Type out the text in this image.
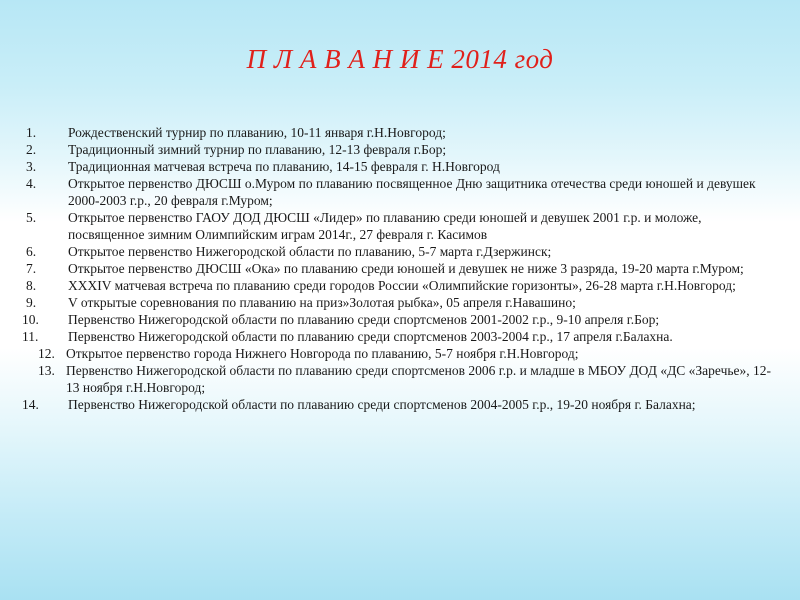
П Л А В А Н И Е 2014 год
1.	Рождественский турнир по плаванию, 10-11 января г.Н.Новгород;
2.	Традиционный зимний турнир по плаванию, 12-13 февраля г.Бор;
3.	Традиционная матчевая встреча по плаванию, 14-15 февраля г. Н.Новгород
4.	Открытое первенство ДЮСШ о.Муром по плаванию посвященное Дню защитника отечества среди юношей и девушек 2000-2003 г.р., 20 февраля г.Муром;
5.	Открытое первенство ГАОУ ДОД ДЮСШ «Лидер» по плаванию среди юношей и девушек 2001 г.р. и моложе, посвященное зимним Олимпийским играм 2014г., 27 февраля г. Касимов
6.	Открытое первенство Нижегородской области по плаванию, 5-7 марта г.Дзержинск;
7.	Открытое первенство ДЮСШ «Ока» по плаванию среди юношей и девушек не ниже 3 разряда, 19-20 марта г.Муром;
8.	XXXIV матчевая встреча по плаванию среди городов России «Олимпийские горизонты», 26-28 марта г.Н.Новгород;
9.	V открытые соревнования по плаванию на приз»Золотая рыбка», 05 апреля г.Навашино;
10.	Первенство Нижегородской области по плаванию среди спортсменов 2001-2002 г.р., 9-10 апреля г.Бор;
11.	Первенство Нижегородской области по плаванию среди спортсменов 2003-2004 г.р., 17 апреля г.Балахна.
12. Открытое первенство города Нижнего Новгорода по плаванию, 5-7 ноября г.Н.Новгород;
13. Первенство Нижегородской области по плаванию среди спортсменов 2006 г.р. и младше в МБОУ ДОД «ДС «Заречье», 12-13 ноября г.Н.Новгород;
14.	Первенство Нижегородской области по плаванию среди спортсменов 2004-2005 г.р., 19-20 ноября г. Балахна;
